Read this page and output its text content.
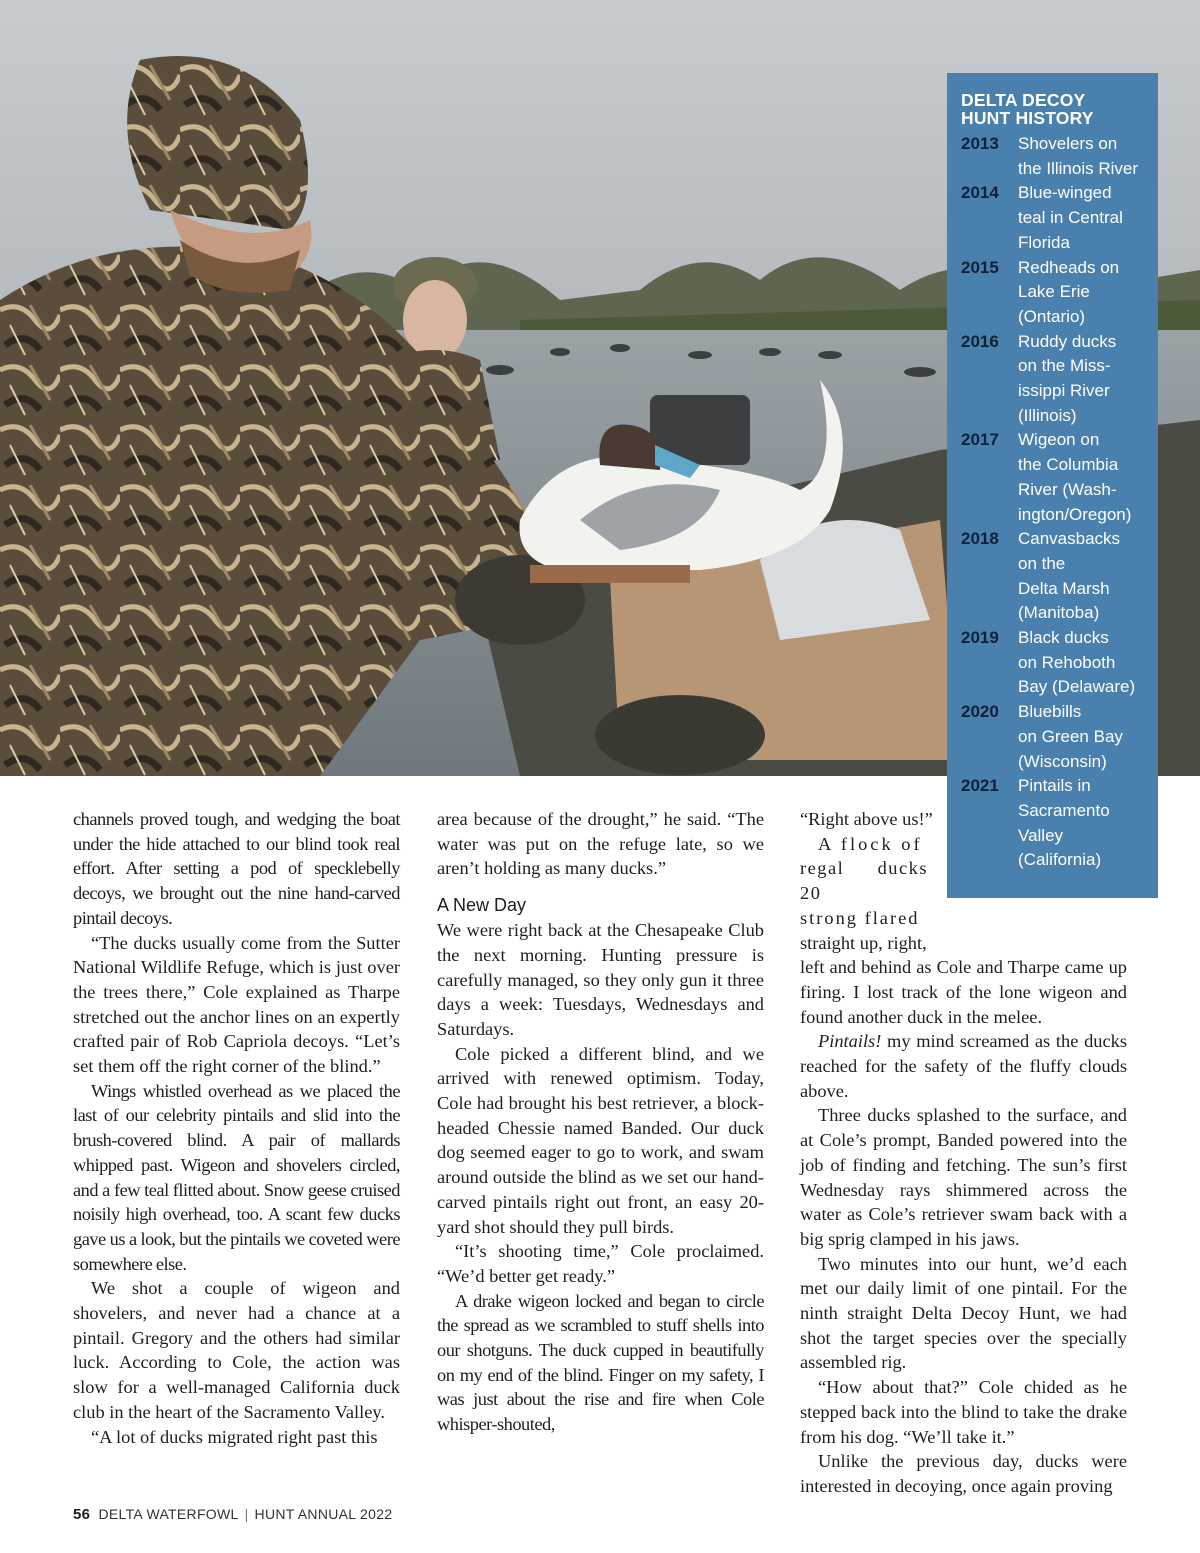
DELTA DECOY HUNT HISTORY
2013	Shovelers on
the Illinois River
2014	Blue-winged
teal in Central
Florida
2015	Redheads on
Lake Erie
(Ontario)
2016	Ruddy ducks
on the Miss-
issippi River
(Illinois)
2017	Wigeon on
the Columbia
River (Wash-
ington/Oregon)
2018	Canvasbacks
on the
Delta Marsh
(Manitoba)
2019	Black ducks
on Rehoboth
Bay (Delaware)
2020	Bluebills
on Green Bay
(Wisconsin)
2021	Pintails in
Sacramento
Valley
(California)

channels proved tough, and wedging the boat under the hide attached to our blind took real effort. After setting a pod of specklebelly decoys, we brought out the nine hand-carved pintail decoys.

“The ducks usually come from the Sutter National Wildlife Refuge, which is just over the trees there,” Cole explained as Tharpe stretched out the anchor lines on an expertly crafted pair of Rob Capriola decoys. “Let’s set them off the right corner of the blind.”

Wings whistled overhead as we placed the last of our celebrity pintails and slid into the brush-covered blind. A pair of mallards whipped past. Wigeon and shovelers circled, and a few teal flitted about. Snow geese cruised noisily high overhead, too. A scant few ducks gave us a look, but the pintails we coveted were somewhere else.

We shot a couple of wigeon and shovelers, and never had a chance at a pintail. Gregory and the others had similar luck. According to Cole, the action was slow for a well-managed California duck club in the heart of the Sacramento Valley.

“A lot of ducks migrated right past this

area because of the drought,” he said. “The water was put on the refuge late, so we aren’t holding as many ducks.”

A New Day

We were right back at the Chesapeake Club the next morning. Hunting pressure is carefully managed, so they only gun it three days a week: Tuesdays, Wednesdays and Saturdays.

Cole picked a different blind, and we arrived with renewed optimism. Today, Cole had brought his best retriever, a block-headed Chessie named Banded. Our duck dog seemed eager to go to work, and swam around outside the blind as we set our hand-carved pintails right out front, an easy 20-yard shot should they pull birds.

“It’s shooting time,” Cole proclaimed. “We’d better get ready.”

A drake wigeon locked and began to circle the spread as we scrambled to stuff shells into our shotguns. The duck cupped in beautifully on my end of the blind. Finger on my safety, I was just about the rise and fire when Cole whisper-shouted,

“Right above us!”

A flock of
regal ducks 20
strong flared
straight up, right,

left and behind as Cole and Tharpe came up firing. I lost track of the lone wigeon and found another duck in the melee.

Pintails! my mind screamed as the ducks reached for the safety of the fluffy clouds above.

Three ducks splashed to the surface, and at Cole’s prompt, Banded powered into the job of finding and fetching. The sun’s first Wednesday rays shimmered across the water as Cole’s retriever swam back with a big sprig clamped in his jaws.

Two minutes into our hunt, we’d each met our daily limit of one pintail. For the ninth straight Delta Decoy Hunt, we had shot the target species over the specially assembled rig.

“How about that?” Cole chided as he stepped back into the blind to take the drake from his dog. “We’ll take it.”

Unlike the previous day, ducks were interested in decoying, once again proving

56 DELTA WATERFOWL | HUNT ANNUAL 2022
